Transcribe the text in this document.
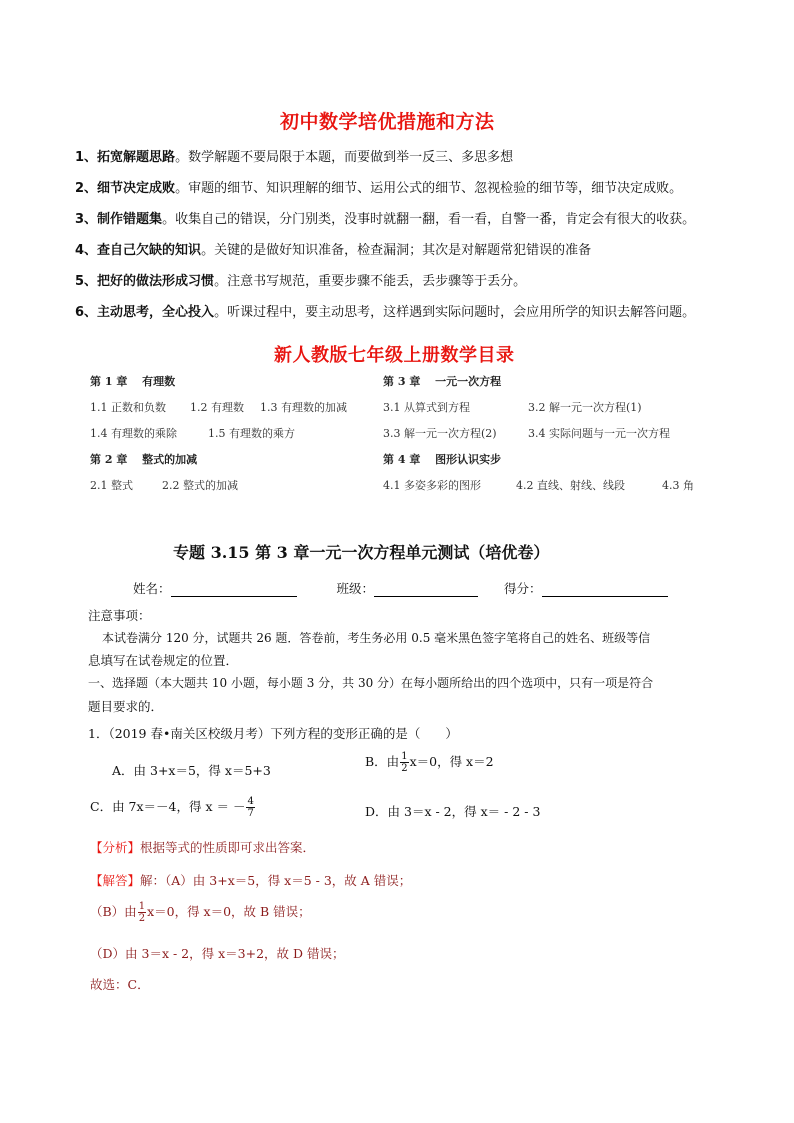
初中数学培优措施和方法
1、拓宽解题思路。数学解题不要局限于本题，而要做到举一反三、多思多想
2、细节决定成败。审题的细节、知识理解的细节、运用公式的细节、忽视检验的细节等，细节决定成败。
3、制作错题集。收集自己的错误，分门别类，没事时就翻一翻，看一看，自警一番，肯定会有很大的收获。
4、查自己欠缺的知识。关键的是做好知识准备，检查漏洞；其次是对解题常犯错误的准备
5、把好的做法形成习惯。注意书写规范，重要步骤不能丢，丢步骤等于丢分。
6、主动思考，全心投入。听课过程中，要主动思考，这样遇到实际问题时，会应用所学的知识去解答问题。
新人教版七年级上册数学目录
第 1 章　 有理数
1.1 正数和负数 1.2 有理数 1.3 有理数的加减
1.4 有理数的乘除	1.5 有理数的乘方
第 2 章　 整式的加减
2.1 整式	2.2 整式的加减
第 3 章　 一元一次方程
3.1 从算式到方程	3.2 解一元一次方程(1)
3.3 解一元一次方程(2)	3.4 实际问题与一元一次方程
第 4 章　 图形认识实步
4.1 多姿多彩的图形	4.2 直线、射线、线段	4.3 角
专题 3.15 第 3 章一元一次方程单元测试（培优卷）
姓名：	班级：	得分：
注意事项：
本试卷满分 120 分，试题共 26 题．答卷前，考生务必用 0.5 毫米黑色签字笔将自己的姓名、班级等信
息填写在试卷规定的位置．
一、选择题（本大题共 10 小题，每小题 3 分，共 30 分）在每小题所给出的四个选项中，只有一项是符合
题目要求的．
1．（2019 春•南关区校级月考）下列方程的变形正确的是（　　）
A．由 3+x＝5，得 x＝5+3
B．由 $\frac{1}{2} x=0$，得 x＝2
C．由 7x＝－4，得 x ＝ － $\frac{4}{7}$	D．由 3＝x - 2，得 x＝ - 2 - 3
【分析】根据等式的性质即可求出答案．
【解答】解：（A）由 3+x＝5，得 x＝5 - 3，故 A 错误；
（B）由 $\frac{1}{2} x=0$，得 x＝0，故 B 错误；
（D）由 3＝x - 2，得 x＝3+2，故 D 错误；
故选：C．
